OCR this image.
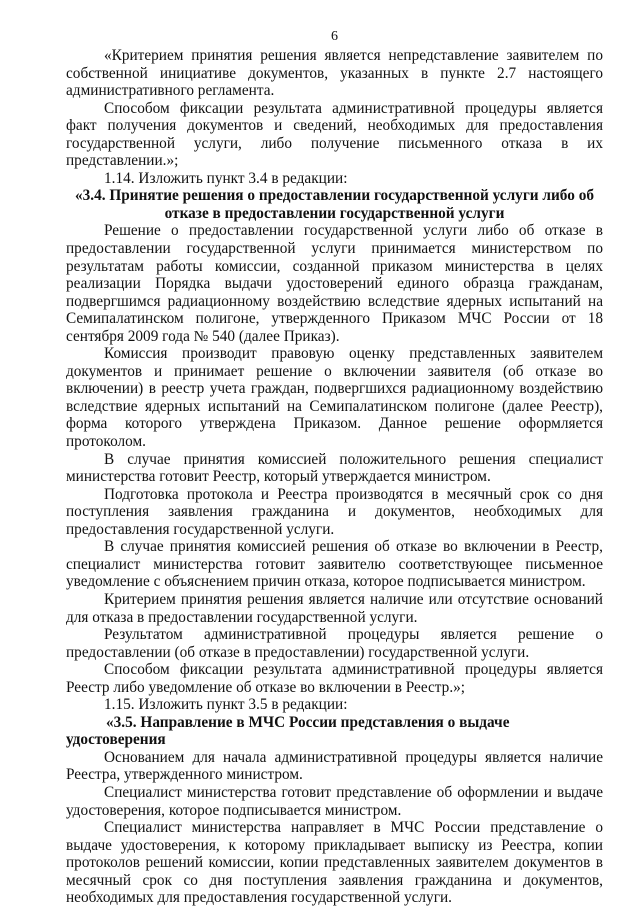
6

«Критерием принятия решения является непредставление заявителем по собственной инициативе документов, указанных в пункте 2.7 настоящего административного регламента.

Способом фиксации результата административной процедуры является факт получения документов и сведений, необходимых для предоставления государственной услуги, либо получение письменного отказа в их представлении.»;

1.14. Изложить пункт 3.4 в редакции:

«3.4. Принятие решения о предоставлении государственной услуги либо об отказе в предоставлении государственной услуги

Решение о предоставлении государственной услуги либо об отказе в предоставлении государственной услуги принимается министерством по результатам работы комиссии, созданной приказом министерства в целях реализации Порядка выдачи удостоверений единого образца гражданам, подвергшимся радиационному воздействию вследствие ядерных испытаний на Семипалатинском полигоне, утвержденного Приказом МЧС России от 18 сентября 2009 года № 540 (далее Приказ).

Комиссия производит правовую оценку представленных заявителем документов и принимает решение о включении заявителя (об отказе во включении) в реестр учета граждан, подвергшихся радиационному воздействию вследствие ядерных испытаний на Семипалатинском полигоне (далее Реестр), форма которого утверждена Приказом. Данное решение оформляется протоколом.

В случае принятия комиссией положительного решения специалист министерства готовит Реестр, который утверждается министром.

Подготовка протокола и Реестра производятся в месячный срок со дня поступления заявления гражданина и документов, необходимых для предоставления государственной услуги.

В случае принятия комиссией решения об отказе во включении в Реестр, специалист министерства готовит заявителю соответствующее письменное уведомление с объяснением причин отказа, которое подписывается министром.

Критерием принятия решения является наличие или отсутствие оснований для отказа в предоставлении государственной услуги.

Результатом административной процедуры является решение о предоставлении (об отказе в предоставлении) государственной услуги.

Способом фиксации результата административной процедуры является Реестр либо уведомление об отказе во включении в Реестр.»;

1.15. Изложить пункт 3.5 в редакции:

«3.5. Направление в МЧС России представления о выдаче удостоверения

Основанием для начала административной процедуры является наличие Реестра, утвержденного министром.

Специалист министерства готовит представление об оформлении и выдаче удостоверения, которое подписывается министром.

Специалист министерства направляет в МЧС России представление о выдаче удостоверения, к которому прикладывает выписку из Реестра, копии протоколов решений комиссии, копии представленных заявителем документов в месячный срок со дня поступления заявления гражданина и документов, необходимых для предоставления государственной услуги.
